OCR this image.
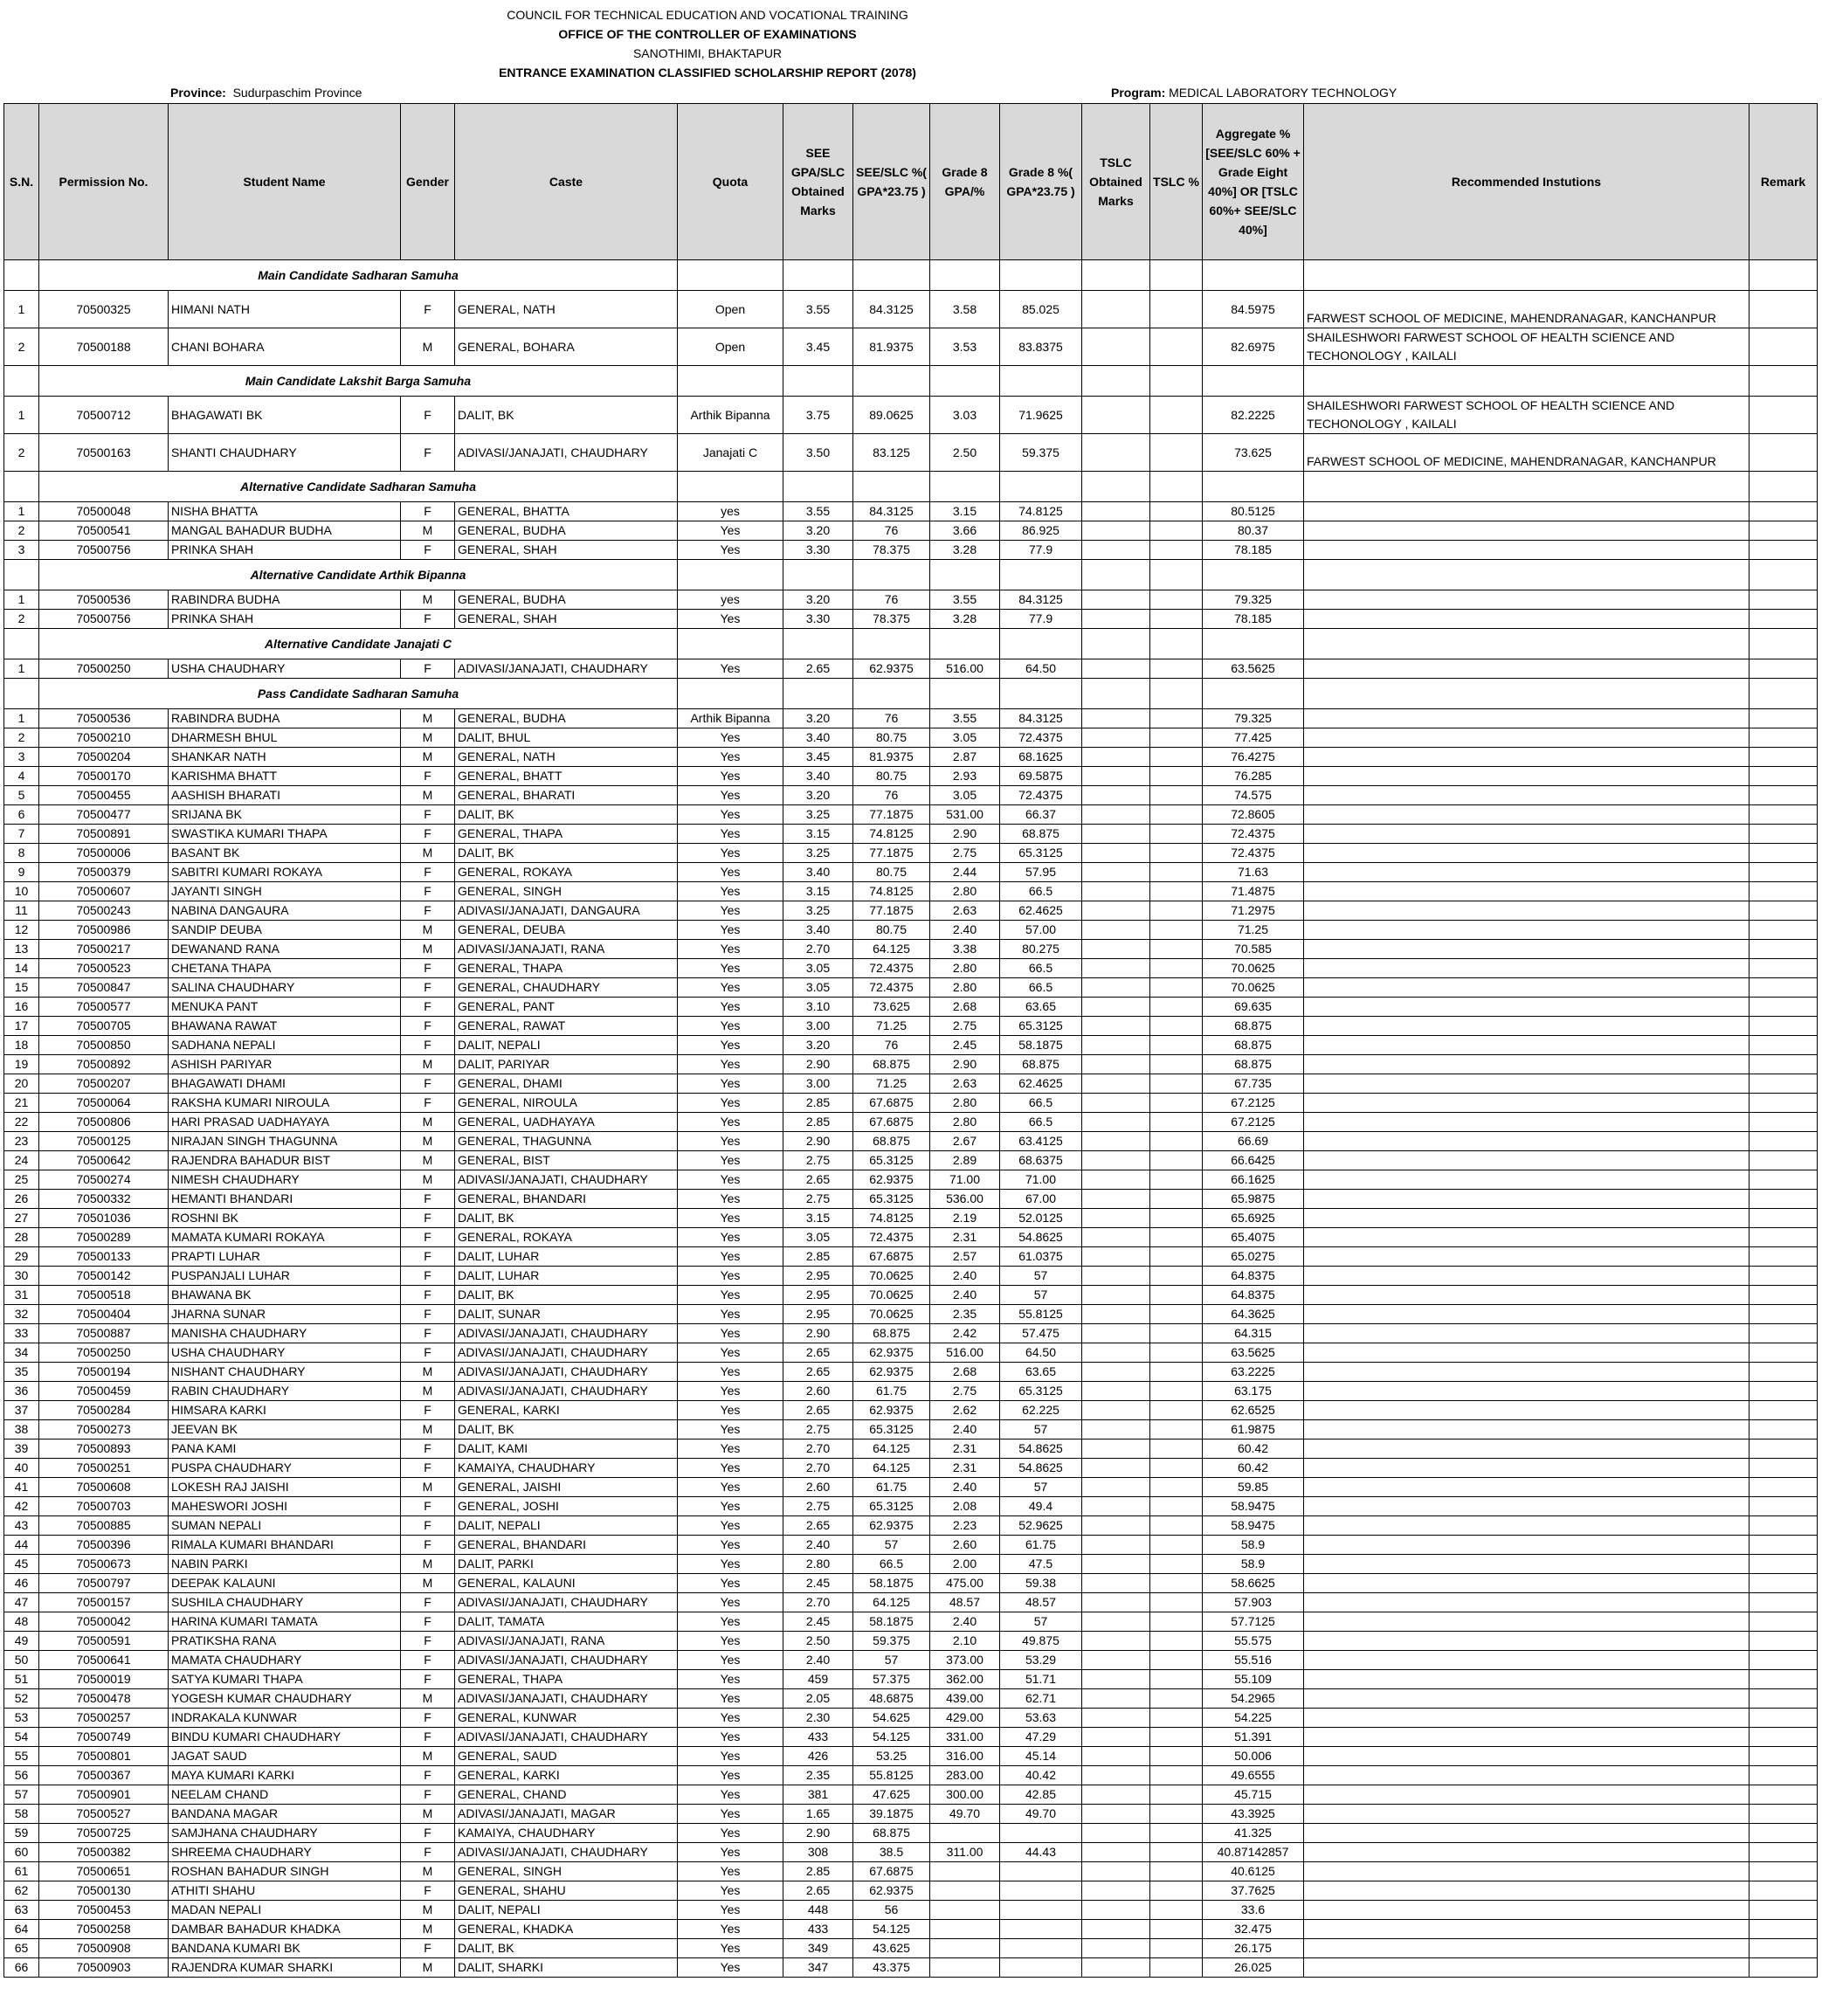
COUNCIL FOR TECHNICAL EDUCATION AND VOCATIONAL TRAINING
OFFICE OF THE CONTROLLER OF EXAMINATIONS
SANOTHIMI, BHAKTAPUR
ENTRANCE EXAMINATION CLASSIFIED SCHOLARSHIP REPORT (2078)
Province: Sudurpaschim Province	Program: MEDICAL LABORATORY TECHNOLOGY
S.N.	Permission No.	Student Name	Gender	Caste	Quota	SEE GPA/SLC Obtained Marks	SEE/SLC %( GPA*23.75 )	Grade 8 GPA/%	Grade 8 %( GPA*23.75 )	TSLC Obtained Marks	TSLC %	Aggregate %[SEE/SLC 60% + Grade Eight 40%] OR [TSLC 60%+ SEE/SLC 40%]	Recommended Instutions	Remark
	Main Candidate Sadharan Samuha													
1	70500325	HIMANI NATH	F	GENERAL, NATH	Open	3.55	84.3125	3.58	85.025			84.5975	FARWEST SCHOOL OF MEDICINE, MAHENDRANAGAR, KANCHANPUR	
2	70500188	CHANI BOHARA	M	GENERAL, BOHARA	Open	3.45	81.9375	3.53	83.8375			82.6975	SHAILESHWORI FARWEST SCHOOL OF HEALTH SCIENCE AND TECHONOLOGY , KAILALI	
	Main Candidate Lakshit Barga Samuha													
1	70500712	BHAGAWATI BK	F	DALIT, BK	Arthik Bipanna	3.75	89.0625	3.03	71.9625			82.2225	SHAILESHWORI FARWEST SCHOOL OF HEALTH SCIENCE AND TECHONOLOGY , KAILALI	
2	70500163	SHANTI CHAUDHARY	F	ADIVASI/JANAJATI, CHAUDHARY	Janajati C	3.50	83.125	2.50	59.375			73.625	FARWEST SCHOOL OF MEDICINE, MAHENDRANAGAR, KANCHANPUR	
	Alternative Candidate Sadharan Samuha													
1	70500048	NISHA BHATTA	F	GENERAL, BHATTA	yes	3.55	84.3125	3.15	74.8125			80.5125		
2	70500541	MANGAL BAHADUR BUDHA	M	GENERAL, BUDHA	Yes	3.20	76	3.66	86.925			80.37		
3	70500756	PRINKA SHAH	F	GENERAL, SHAH	Yes	3.30	78.375	3.28	77.9			78.185		
	Alternative Candidate Arthik Bipanna													
1	70500536	RABINDRA BUDHA	M	GENERAL, BUDHA	yes	3.20	76	3.55	84.3125			79.325		
2	70500756	PRINKA SHAH	F	GENERAL, SHAH	Yes	3.30	78.375	3.28	77.9			78.185		
	Alternative Candidate Janajati C													
1	70500250	USHA CHAUDHARY	F	ADIVASI/JANAJATI, CHAUDHARY	Yes	2.65	62.9375	516.00	64.50			63.5625		
	Pass Candidate Sadharan Samuha													
1	70500536	RABINDRA BUDHA	M	GENERAL, BUDHA	Arthik Bipanna	3.20	76	3.55	84.3125			79.325		
2	70500210	DHARMESH BHUL	M	DALIT, BHUL	Yes	3.40	80.75	3.05	72.4375			77.425		
3	70500204	SHANKAR NATH	M	GENERAL, NATH	Yes	3.45	81.9375	2.87	68.1625			76.4275		
4	70500170	KARISHMA BHATT	F	GENERAL, BHATT	Yes	3.40	80.75	2.93	69.5875			76.285		
5	70500455	AASHISH BHARATI	M	GENERAL, BHARATI	Yes	3.20	76	3.05	72.4375			74.575		
6	70500477	SRIJANA BK	F	DALIT, BK	Yes	3.25	77.1875	531.00	66.37			72.8605		
7	70500891	SWASTIKA KUMARI THAPA	F	GENERAL, THAPA	Yes	3.15	74.8125	2.90	68.875			72.4375		
8	70500006	BASANT BK	M	DALIT, BK	Yes	3.25	77.1875	2.75	65.3125			72.4375		
9	70500379	SABITRI KUMARI ROKAYA	F	GENERAL, ROKAYA	Yes	3.40	80.75	2.44	57.95			71.63		
10	70500607	JAYANTI SINGH	F	GENERAL, SINGH	Yes	3.15	74.8125	2.80	66.5			71.4875		
11	70500243	NABINA DANGAURA	F	ADIVASI/JANAJATI, DANGAURA	Yes	3.25	77.1875	2.63	62.4625			71.2975		
12	70500986	SANDIP DEUBA	M	GENERAL, DEUBA	Yes	3.40	80.75	2.40	57.00			71.25		
13	70500217	DEWANAND RANA	M	ADIVASI/JANAJATI, RANA	Yes	2.70	64.125	3.38	80.275			70.585		
14	70500523	CHETANA THAPA	F	GENERAL, THAPA	Yes	3.05	72.4375	2.80	66.5			70.0625		
15	70500847	SALINA CHAUDHARY	F	GENERAL, CHAUDHARY	Yes	3.05	72.4375	2.80	66.5			70.0625		
16	70500577	MENUKA PANT	F	GENERAL, PANT	Yes	3.10	73.625	2.68	63.65			69.635		
17	70500705	BHAWANA RAWAT	F	GENERAL, RAWAT	Yes	3.00	71.25	2.75	65.3125			68.875		
18	70500850	SADHANA NEPALI	F	DALIT, NEPALI	Yes	3.20	76	2.45	58.1875			68.875		
19	70500892	ASHISH PARIYAR	M	DALIT, PARIYAR	Yes	2.90	68.875	2.90	68.875			68.875		
20	70500207	BHAGAWATI DHAMI	F	GENERAL, DHAMI	Yes	3.00	71.25	2.63	62.4625			67.735		
21	70500064	RAKSHA KUMARI NIROULA	F	GENERAL, NIROULA	Yes	2.85	67.6875	2.80	66.5			67.2125		
22	70500806	HARI PRASAD UADHAYAYA	M	GENERAL, UADHAYAYA	Yes	2.85	67.6875	2.80	66.5			67.2125		
23	70500125	NIRAJAN SINGH THAGUNNA	M	GENERAL, THAGUNNA	Yes	2.90	68.875	2.67	63.4125			66.69		
24	70500642	RAJENDRA BAHADUR BIST	M	GENERAL, BIST	Yes	2.75	65.3125	2.89	68.6375			66.6425		
25	70500274	NIMESH CHAUDHARY	M	ADIVASI/JANAJATI, CHAUDHARY	Yes	2.65	62.9375	71.00	71.00			66.1625		
26	70500332	HEMANTI BHANDARI	F	GENERAL, BHANDARI	Yes	2.75	65.3125	536.00	67.00			65.9875		
27	70501036	ROSHNI BK	F	DALIT, BK	Yes	3.15	74.8125	2.19	52.0125			65.6925		
28	70500289	MAMATA KUMARI ROKAYA	F	GENERAL, ROKAYA	Yes	3.05	72.4375	2.31	54.8625			65.4075		
29	70500133	PRAPTI LUHAR	F	DALIT, LUHAR	Yes	2.85	67.6875	2.57	61.0375			65.0275		
30	70500142	PUSPANJALI LUHAR	F	DALIT, LUHAR	Yes	2.95	70.0625	2.40	57			64.8375		
31	70500518	BHAWANA BK	F	DALIT, BK	Yes	2.95	70.0625	2.40	57			64.8375		
32	70500404	JHARNA SUNAR	F	DALIT, SUNAR	Yes	2.95	70.0625	2.35	55.8125			64.3625		
33	70500887	MANISHA CHAUDHARY	F	ADIVASI/JANAJATI, CHAUDHARY	Yes	2.90	68.875	2.42	57.475			64.315		
34	70500250	USHA CHAUDHARY	F	ADIVASI/JANAJATI, CHAUDHARY	Yes	2.65	62.9375	516.00	64.50			63.5625		
35	70500194	NISHANT CHAUDHARY	M	ADIVASI/JANAJATI, CHAUDHARY	Yes	2.65	62.9375	2.68	63.65			63.2225		
36	70500459	RABIN CHAUDHARY	M	ADIVASI/JANAJATI, CHAUDHARY	Yes	2.60	61.75	2.75	65.3125			63.175		
37	70500284	HIMSARA KARKI	F	GENERAL, KARKI	Yes	2.65	62.9375	2.62	62.225			62.6525		
38	70500273	JEEVAN BK	M	DALIT, BK	Yes	2.75	65.3125	2.40	57			61.9875		
39	70500893	PANA KAMI	F	DALIT, KAMI	Yes	2.70	64.125	2.31	54.8625			60.42		
40	70500251	PUSPA CHAUDHARY	F	KAMAIYA, CHAUDHARY	Yes	2.70	64.125	2.31	54.8625			60.42		
41	70500608	LOKESH RAJ JAISHI	M	GENERAL, JAISHI	Yes	2.60	61.75	2.40	57			59.85		
42	70500703	MAHESWORI JOSHI	F	GENERAL, JOSHI	Yes	2.75	65.3125	2.08	49.4			58.9475		
43	70500885	SUMAN NEPALI	F	DALIT, NEPALI	Yes	2.65	62.9375	2.23	52.9625			58.9475		
44	70500396	RIMALA KUMARI BHANDARI	F	GENERAL, BHANDARI	Yes	2.40	57	2.60	61.75			58.9		
45	70500673	NABIN PARKI	M	DALIT, PARKI	Yes	2.80	66.5	2.00	47.5			58.9		
46	70500797	DEEPAK KALAUNI	M	GENERAL, KALAUNI	Yes	2.45	58.1875	475.00	59.38			58.6625		
47	70500157	SUSHILA CHAUDHARY	F	ADIVASI/JANAJATI, CHAUDHARY	Yes	2.70	64.125	48.57	48.57			57.903		
48	70500042	HARINA KUMARI TAMATA	F	DALIT, TAMATA	Yes	2.45	58.1875	2.40	57			57.7125		
49	70500591	PRATIKSHA RANA	F	ADIVASI/JANAJATI, RANA	Yes	2.50	59.375	2.10	49.875			55.575		
50	70500641	MAMATA CHAUDHARY	F	ADIVASI/JANAJATI, CHAUDHARY	Yes	2.40	57	373.00	53.29			55.516		
51	70500019	SATYA KUMARI THAPA	F	GENERAL, THAPA	Yes	459	57.375	362.00	51.71			55.109		
52	70500478	YOGESH KUMAR CHAUDHARY	M	ADIVASI/JANAJATI, CHAUDHARY	Yes	2.05	48.6875	439.00	62.71			54.2965		
53	70500257	INDRAKALA KUNWAR	F	GENERAL, KUNWAR	Yes	2.30	54.625	429.00	53.63			54.225		
54	70500749	BINDU KUMARI CHAUDHARY	F	ADIVASI/JANAJATI, CHAUDHARY	Yes	433	54.125	331.00	47.29			51.391		
55	70500801	JAGAT SAUD	M	GENERAL, SAUD	Yes	426	53.25	316.00	45.14			50.006		
56	70500367	MAYA KUMARI KARKI	F	GENERAL, KARKI	Yes	2.35	55.8125	283.00	40.42			49.6555		
57	70500901	NEELAM CHAND	F	GENERAL, CHAND	Yes	381	47.625	300.00	42.85			45.715		
58	70500527	BANDANA MAGAR	M	ADIVASI/JANAJATI, MAGAR	Yes	1.65	39.1875	49.70	49.70			43.3925		
59	70500725	SAMJHANA CHAUDHARY	F	KAMAIYA, CHAUDHARY	Yes	2.90	68.875					41.325		
60	70500382	SHREEMA CHAUDHARY	F	ADIVASI/JANAJATI, CHAUDHARY	Yes	308	38.5	311.00	44.43			40.87142857		
61	70500651	ROSHAN BAHADUR SINGH	M	GENERAL, SINGH	Yes	2.85	67.6875					40.6125		
62	70500130	ATHITI SHAHU	F	GENERAL, SHAHU	Yes	2.65	62.9375					37.7625		
63	70500453	MADAN NEPALI	M	DALIT, NEPALI	Yes	448	56					33.6		
64	70500258	DAMBAR BAHADUR KHADKA	M	GENERAL, KHADKA	Yes	433	54.125					32.475		
65	70500908	BANDANA KUMARI BK	F	DALIT, BK	Yes	349	43.625					26.175		
66	70500903	RAJENDRA KUMAR SHARKI	M	DALIT, SHARKI	Yes	347	43.375					26.025		
